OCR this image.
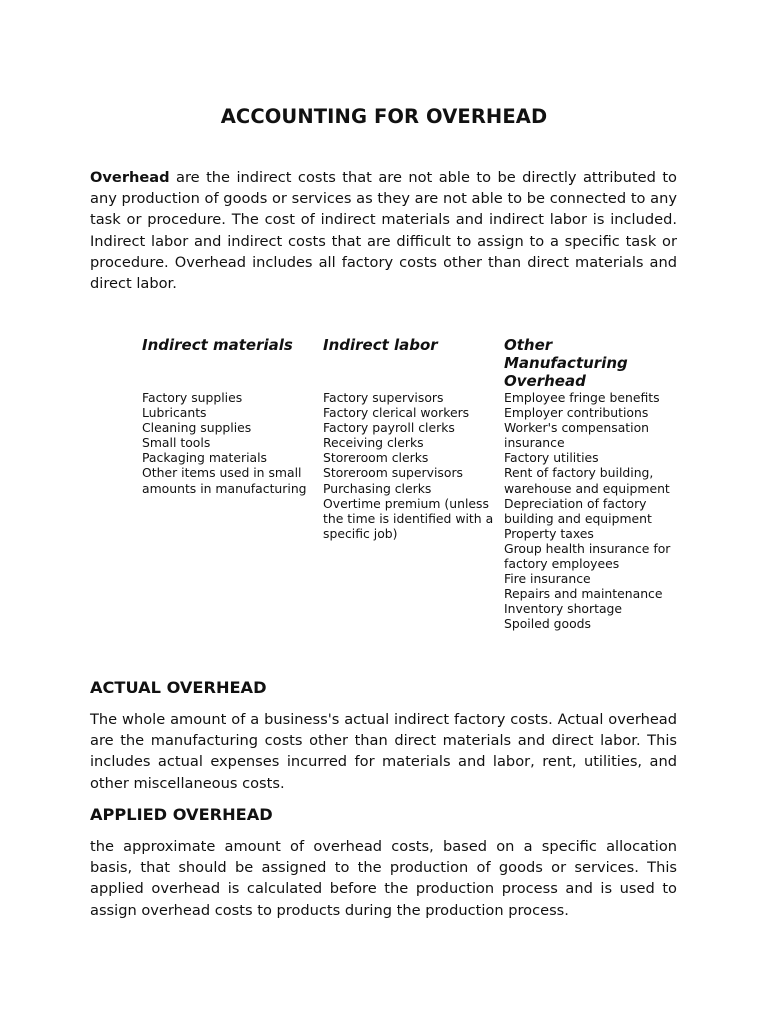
ACCOUNTING FOR OVERHEAD

Overhead are the indirect costs that are not able to be directly attributed to any production of goods or services as they are not able to be connected to any task or procedure. The cost of indirect materials and indirect labor is included. Indirect labor and indirect costs that are difficult to assign to a specific task or procedure. Overhead includes all factory costs other than direct materials and direct labor.

Indirect materials

Factory supplies
Lubricants
Cleaning supplies
Small tools
Packaging materials
Other items used in small amounts in manufacturing

Indirect labor

Factory supervisors
Factory clerical workers
Factory payroll clerks
Receiving clerks
Storeroom clerks
Storeroom supervisors
Purchasing clerks
Overtime premium (unless the time is identified with a specific job)

Other Manufacturing Overhead

Employee fringe benefits
Employer contributions
Worker's compensation insurance
Factory utilities
Rent of factory building, warehouse and equipment
Depreciation of factory building and equipment
Property taxes
Group health insurance for factory employees
Fire insurance
Repairs and maintenance
Inventory shortage
Spoiled goods
ACTUAL OVERHEAD

The whole amount of a business's actual indirect factory costs. Actual overhead are the manufacturing costs other than direct materials and direct labor. This includes actual expenses incurred for materials and labor, rent, utilities, and other miscellaneous costs.

APPLIED OVERHEAD

the approximate amount of overhead costs, based on a specific allocation basis, that should be assigned to the production of goods or services. This applied overhead is calculated before the production process and is used to assign overhead costs to products during the production process.
